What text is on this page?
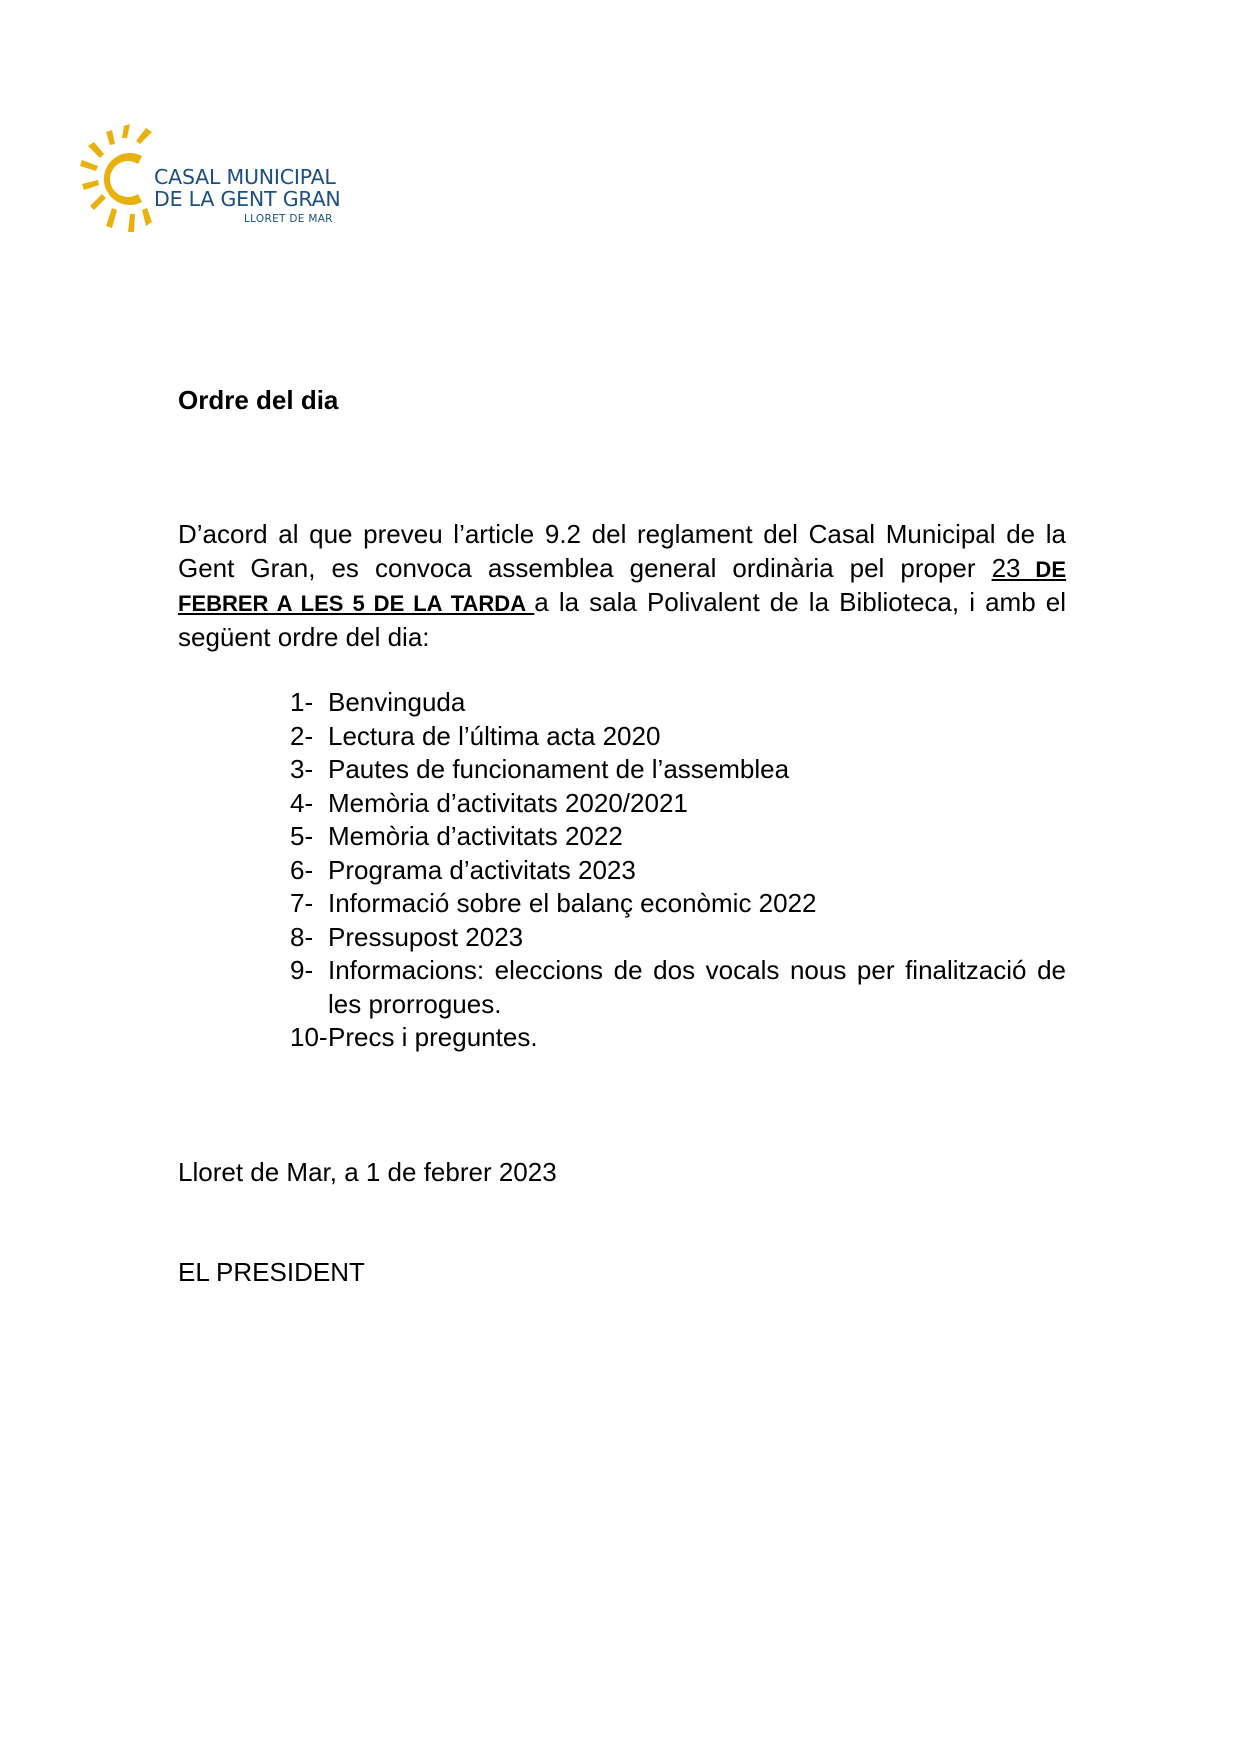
CASAL MUNICIPAL
DE LA GENT GRAN
LLORET DE MAR

Ordre del dia

D’acord al que preveu l’article 9.2 del reglament del Casal Municipal de la Gent Gran, es convoca assemblea general ordinària pel proper 23 DE FEBRER A LES 5 DE LA TARDA a la sala Polivalent de la Biblioteca, i amb el següent ordre del dia:

1- Benvinguda
2- Lectura de l’última acta 2020
3- Pautes de funcionament de l’assemblea
4- Memòria d’activitats 2020/2021
5- Memòria d’activitats 2022
6- Programa d’activitats 2023
7- Informació sobre el balanç econòmic 2022
8- Pressupost 2023
9- Informacions: eleccions de dos vocals nous per finalització de les prorrogues.
10- Precs i preguntes.

Lloret de Mar, a 1 de febrer 2023

EL PRESIDENT
